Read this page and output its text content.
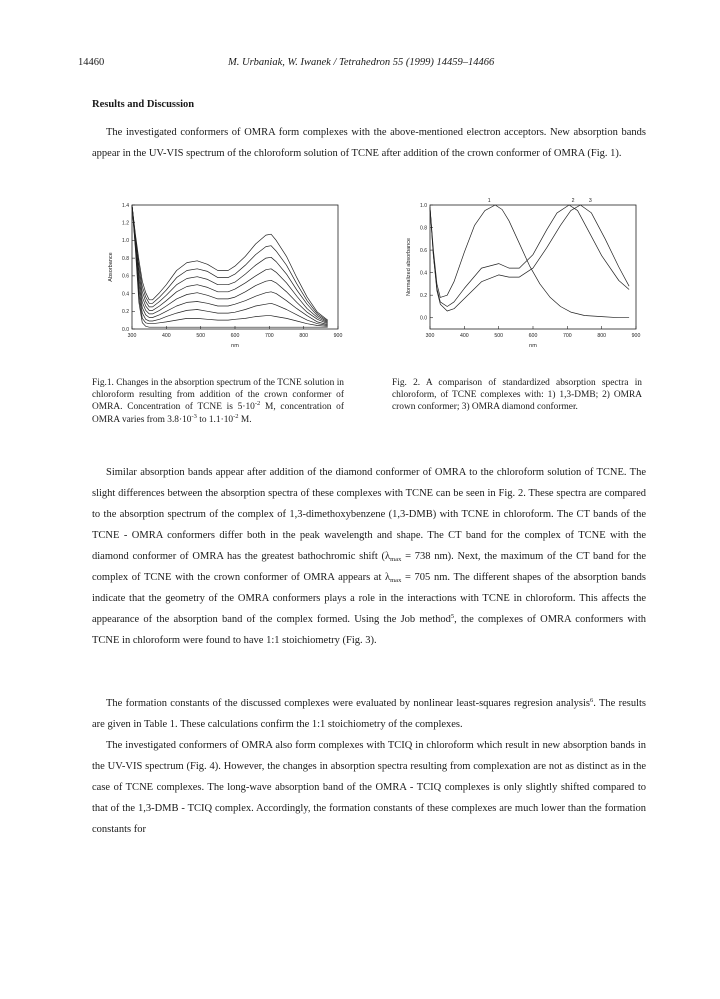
14460	M. Urbaniak, W. Iwanek / Tetrahedron 55 (1999) 14459–14466
Results and Discussion

The investigated conformers of OMRA form complexes with the above-mentioned electron acceptors. New absorption bands appear in the UV-VIS spectrum of the chloroform solution of TCNE after addition of the crown conformer of OMRA (Fig. 1).

300	400	500	600	700	800	900
0.0
0.2
0.4
0.6
0.8
1.0
1.2
1.4
nm
Absorbance
300	400	500	600	700	800	900
0.0
0.2
0.4
0.6
0.8
1.0
nm
Normalized absorbance
1	2	3

Fig.1. Changes in the absorption spectrum of the TCNE solution in chloroform resulting from addition of the crown conformer of OMRA. Concentration of TCNE is $5\cdot 10^{-2}$ M, concentration of OMRA varies from $3.8\cdot 10^{-3}$ to $1.1\cdot 10^{-2}$ M.

Fig. 2. A comparison of standardized absorption spectra in chloroform, of TCNE complexes with: 1) 1,3-DMB; 2) OMRA crown conformer; 3) OMRA diamond conformer.

Similar absorption bands appear after addition of the diamond conformer of OMRA to the chloroform solution of TCNE. The slight differences between the absorption spectra of these complexes with TCNE can be seen in Fig. 2. These spectra are compared to the absorption spectrum of the complex of 1,3-dimethoxybenzene (1,3-DMB) with TCNE in chloroform. The CT bands of the TCNE - OMRA conformers differ both in the peak wavelength and shape. The CT band for the complex of TCNE with the diamond conformer of OMRA has the greatest bathochromic shift ($\lambda_{max} = 738$ nm). Next, the maximum of the CT band for the complex of TCNE with the crown conformer of OMRA appears at $\lambda_{max} = 705$ nm. The different shapes of the absorption bands indicate that the geometry of the OMRA conformers plays a role in the interactions with TCNE in chloroform. This affects the appearance of the absorption band of the complex formed. Using the Job method$^5$, the complexes of OMRA conformers with TCNE in chloroform were found to have 1:1 stoichiometry (Fig. 3).

The formation constants of the discussed complexes were evaluated by nonlinear least-squares regresion analysis$^6$. The results are given in Table 1. These calculations confirm the 1:1 stoichiometry of the complexes.

The investigated conformers of OMRA also form complexes with TCIQ in chloroform which result in new absorption bands in the UV-VIS spectrum (Fig. 4). However, the changes in absorption spectra resulting from complexation are not as distinct as in the case of TCNE complexes. The long-wave absorption band of the OMRA - TCIQ complexes is only slightly shifted compared to that of the 1,3-DMB - TCIQ complex. Accordingly, the formation constants of these complexes are much lower than the formation constants for
